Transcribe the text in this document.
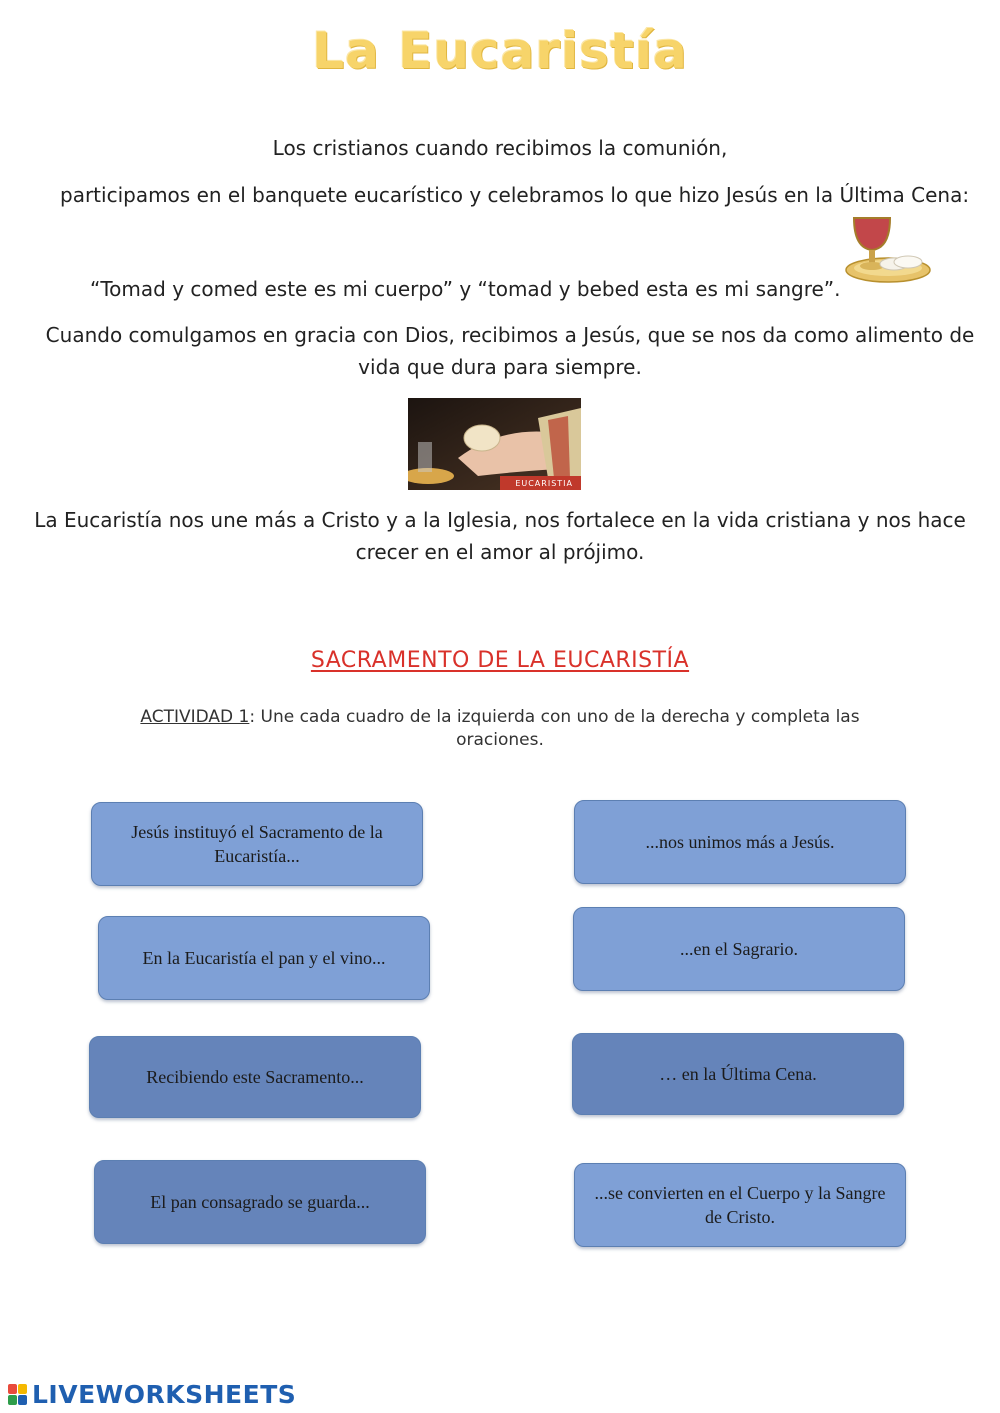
La Eucaristía
Los cristianos cuando recibimos la comunión,
participamos en el banquete eucarístico y celebramos lo que hizo Jesús en la Última Cena:
“Tomad y comed este es mi cuerpo” y “tomad y bebed esta es mi sangre”.
Cuando comulgamos en gracia con Dios, recibimos a Jesús, que se nos da como alimento de
vida que dura para siempre.
EUCARISTIA
La Eucaristía nos une más a Cristo y a la Iglesia, nos fortalece en la vida cristiana y nos hace
crecer en el amor al prójimo.
SACRAMENTO DE LA EUCARISTÍA
ACTIVIDAD 1: Une cada cuadro de la izquierda con uno de la derecha y completa las oraciones.
Jesús instituyó el Sacramento de la Eucaristía...
En la Eucaristía el pan y el vino...
Recibiendo este Sacramento...
El pan consagrado se guarda...
...nos unimos más a Jesús.
...en el Sagrario.
… en la Última Cena.
...se convierten en el Cuerpo y la Sangre de Cristo.
LIVEWORKSHEETS
